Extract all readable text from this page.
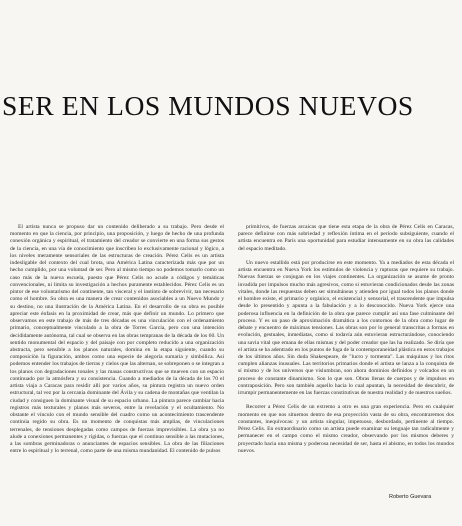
SER EN LOS MUNDOS NUEVOS

El artista nunca se propuso dar un contenido deliberado a su trabajo. Pero desde el momento en que la ciencia, por principio, una proposición, y luego de hecho de una profunda conexión orgánica y espiritual, el tratamiento del creador se convierte en una forma sus gestos de la ciencia, en una vía de conocimiento que inscriben lo exclusivamente racional y lógico, a los niveles meramente sensoriales de las estructuras de creación. Pérez Celis es un artista indesligable del contexto del cual brota, una América Latina caracterizada más que por un hecho cumplido, por una voluntad de ser. Pero al mismo tiempo no podemos tomarlo como un caso más de la nueva escuela, puesto que Pérez Celis no acude a códigos y temáticas convencionales, ni limita su investigación a hechos puramente establecidos. Pérez Celis es un pintor de ese voluntarismo del continente, tan visceral y el instinto de sobrevivir, tan necesario como el hombre. Su obra es una manera de crear contenidos asociables a un Nuevo Mundo y su destino, no una ilustración de la América Latina. En el desarrollo de su obra es posible apreciar este énfasis en la proximidad de crear, más que definir un mundo. Lo primero que observamos en este trabajo de más de tres décadas es una vinculación con el ordenamiento primario, conceptualmente vinculado a la obra de Torres García, pero con una intención decididamente autónoma, tal cual se observa en las obras tempranas de la década de los 60. Un sentido monumental del espacio y del paisaje con por completo reducido a una organización abstracta, pero sensible a los planos naturales, domina en la etapa siguiente, cuando su composición la figuración, ambos como una especie de alegoría sumaria y simbólica. Así podemos entender los trabajos de tierras y cielos que las alternan, se sobreponen o se integran a los planos con degradaciones tonales y las masas constructivas que se mueven con un espacio continuado por la atmósfera y su consistencia. Cuando a mediados de la década de los 70 el artista viaja a Caracas para residir allí por varios años, su pintura registra un nuevo orden estructural, tal vez por la cercanía dominante del Ávila y su cadena de montañas que ventilan la ciudad y consiguen la dominante visual de su espacio urbano. La pintura parece cambiar hacia registros más texturales y planos más severos, entre la revelación y el ocultamiento. No obstante el vínculo con el mundo sensible del cuadro como un acontecimiento trascendente continúa regido su obra. Es un momento de conquistas más amplias, de vinculaciones terrenales, de tensiones desplegadas como campos de fuerzas imprevisibles. La obra ya no alude a conexiones permanentes y rígidas, o fuerzas que el continuo sensible a las mutaciones, a las sombras germinadoras o anunciantes de espacios sensibles. La obra de las filiaciones entre lo espiritual y lo terrenal, como parte de una misma mundanidad. El contenido de pulsos

primitivos, de fuerzas arcaicas que tiene esta etapa de la obra de Pérez Celis en Caracas, parece definirse con más sobriedad y reflexión íntima en el período subsiguiente, cuando el artista encuentra en París una oportunidad para estudiar intensamente en su obra las calidades del espacio meditado.

Un nuevo estallido está por producirse en este momento. Ya a mediados de esta década el artista encuentra en Nueva York los estímulos de violencia y rupturas que requiere su trabajo. Nuevas fuerzas se conjugan en los viajes continentes. La organización se asume de pronto invadida por impulsos mucho más agresivos, como si estuvieran condicionados desde las zonas vitales, donde las respuestas deben ser simultáneas y atienden por igual todos los planos donde el hombre existe, el primario y orgánico, el existencial y sensorial, el trascendente que impulsa desde lo presentido y apunta a la fabulación y a lo desconocido. Nueva York ejerce una poderosa influencia en la definición de la obra que parece cumplir así una fase culminante del proceso. Y es un paso de aproximación dramática a los contornos de la obra como lugar de debate y encuentro de máximas tensiones. Las obras son por lo general transcritas a formas en evolución, gestuales, inmediatas, como si todavía aún estuvieran estructurándose, conociendo una savia vital que emana de ellas mismas y del poder creador que las ha realizado. Se diría que el artista se ha adentrado en los puntos de fuga de la contemporaneidad plástica en estos trabajos de los últimos años. Sin duda Shakespeare, de "lucro y tormenta". Las máquinas y los ritos cumplen alianzas inusuales. Las territorios primarios donde el artista se lanza a la conquista de sí mismo y de los universos que vislumbran, son ahora dominios definidos y volcados en un proceso de constante dinamismo. Son lo que son. Obras llenas de cuerpos y de impulsos en contraposición. Pero son también aquello hacia lo cual apuntan, la necesidad de descubrir, de irrumpir permanentemente en las fuerzas constitutivas de nuestra realidad y de nuestros sueños.

Recorrer a Pérez Celis de un extremo a otro es una gran experiencia. Pero en cualquier momento en que nos situemos dentro de esa proyección vasta de su obra, encontraremos dos constantes, inequívocas: y un artista singular, impetuoso, desbordado, pertinente al tiempo. Pérez Celis. En extraordinario como un artista puede examinar su lenguaje tan radicalmente y permanecer en el campo como el mismo creador, observando por los mismos deberes y proyectado hacia una misma y poderosa necesidad de ser, hasta el abismo, en todos los mundos nuevos.

Roberto Guevara
